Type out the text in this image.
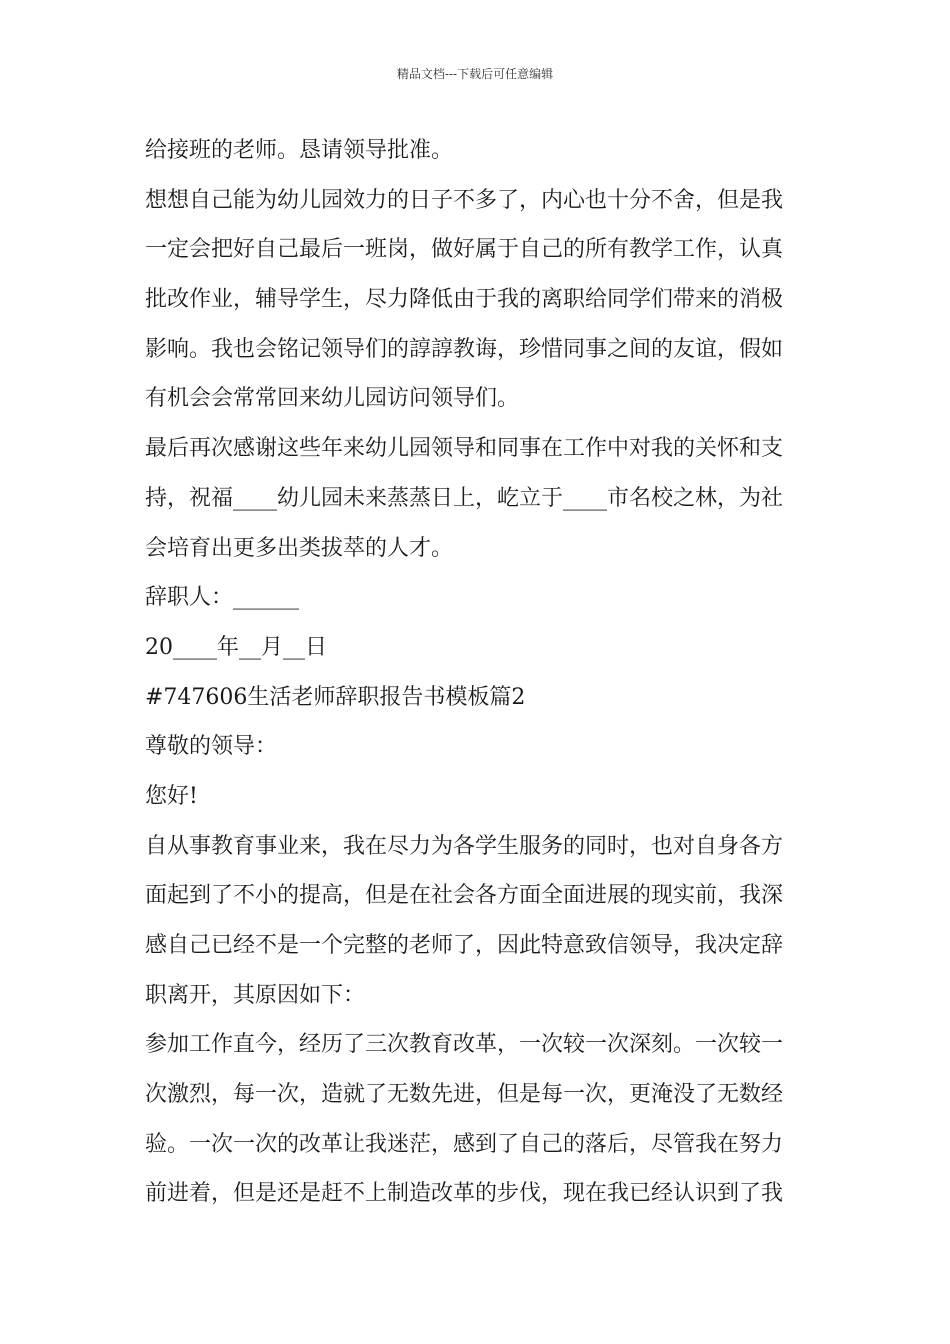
精品文档---下载后可任意编辑
给接班的老师。恳请领导批准。
想想自己能为幼儿园效力的日子不多了，内心也十分不舍，但是我
一定会把好自己最后一班岗，做好属于自己的所有教学工作，认真
批改作业，辅导学生，尽力降低由于我的离职给同学们带来的消极
影响。我也会铭记领导们的諄諄教诲，珍惜同事之间的友谊，假如
有机会会常常回来幼儿园访问领导们。
最后再次感谢这些年来幼儿园领导和同事在工作中对我的关怀和支
持，祝福____幼儿园未来蒸蒸日上，屹立于____市名校之林，为社
会培育出更多出类拔萃的人才。
辞职人：______
20____年__月__日
#747606生活老师辞职报告书模板篇2
尊敬的领导：
您好!
自从事教育事业来，我在尽力为各学生服务的同时，也对自身各方
面起到了不小的提高，但是在社会各方面全面进展的现实前，我深
感自己已经不是一个完整的老师了，因此特意致信领导，我决定辞
职离开，其原因如下：
参加工作直今，经历了三次教育改革，一次较一次深刻。一次较一
次激烈，每一次，造就了无数先进，但是每一次，更淹没了无数经
验。一次一次的改革让我迷茫，感到了自己的落后，尽管我在努力
前进着，但是还是赶不上制造改革的步伐，现在我已经认识到了我
